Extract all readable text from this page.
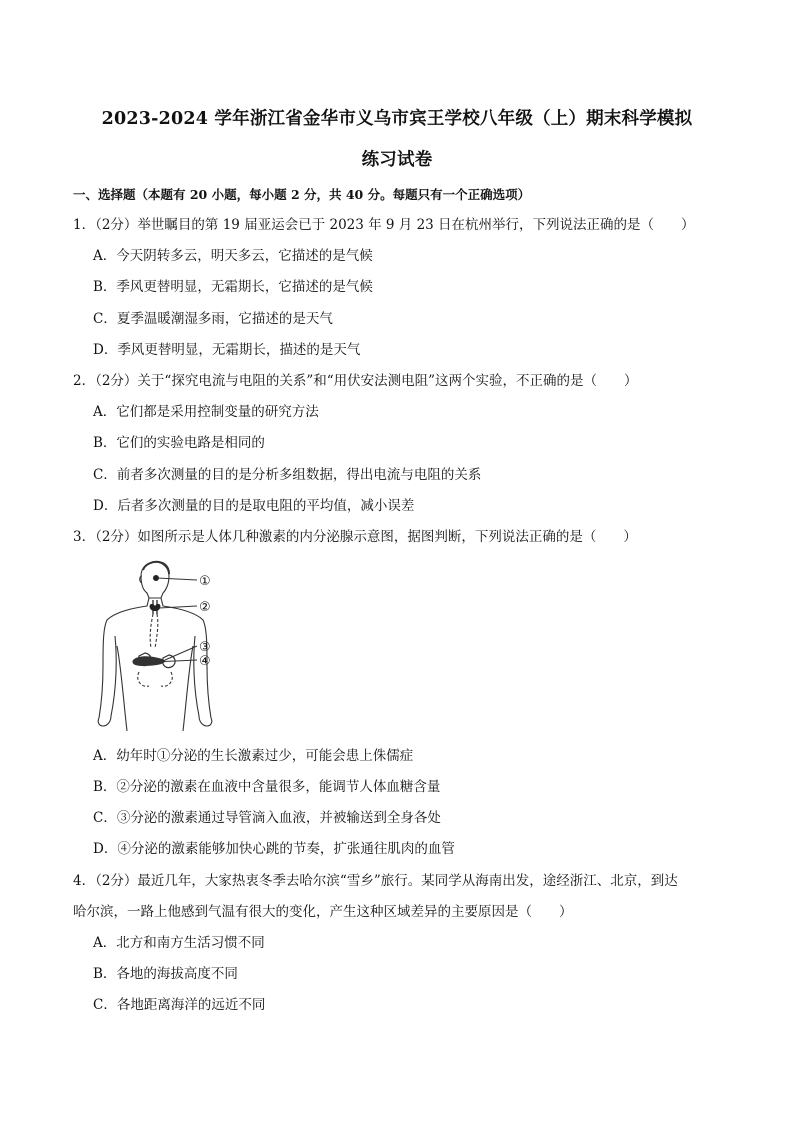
2023-2024 学年浙江省金华市义乌市宾王学校八年级（上）期末科学模拟
练习试卷
一、选择题（本题有 20 小题，每小题 2 分，共 40 分。每题只有一个正确选项）
1．（2分）举世瞩目的第 19 届亚运会已于 2023 年 9 月 23 日在杭州举行，下列说法正确的是（　　）
A．今天阴转多云，明天多云，它描述的是气候
B．季风更替明显，无霜期长，它描述的是气候
C．夏季温暖潮湿多雨，它描述的是天气
D．季风更替明显，无霜期长，描述的是天气
2．（2分）关于“探究电流与电阻的关系”和“用伏安法测电阻”这两个实验，不正确的是（　　）
A．它们都是采用控制变量的研究方法
B．它们的实验电路是相同的
C．前者多次测量的目的是分析多组数据，得出电流与电阻的关系
D．后者多次测量的目的是取电阻的平均值，减小误差
3．（2分）如图所示是人体几种激素的内分泌腺示意图，据图判断，下列说法正确的是（　　）
①
②
③
④
A．幼年时①分泌的生长激素过少，可能会患上侏儒症
B．②分泌的激素在血液中含量很多，能调节人体血糖含量
C．③分泌的激素通过导管滴入血液，并被输送到全身各处
D．④分泌的激素能够加快心跳的节奏，扩张通往肌肉的血管
4．（2分）最近几年，大家热衷冬季去哈尔滨“雪乡”旅行。某同学从海南出发，途经浙江、北京，到达
哈尔滨，一路上他感到气温有很大的变化，产生这种区域差异的主要原因是（　　）
A．北方和南方生活习惯不同
B．各地的海拔高度不同
C．各地距离海洋的远近不同
